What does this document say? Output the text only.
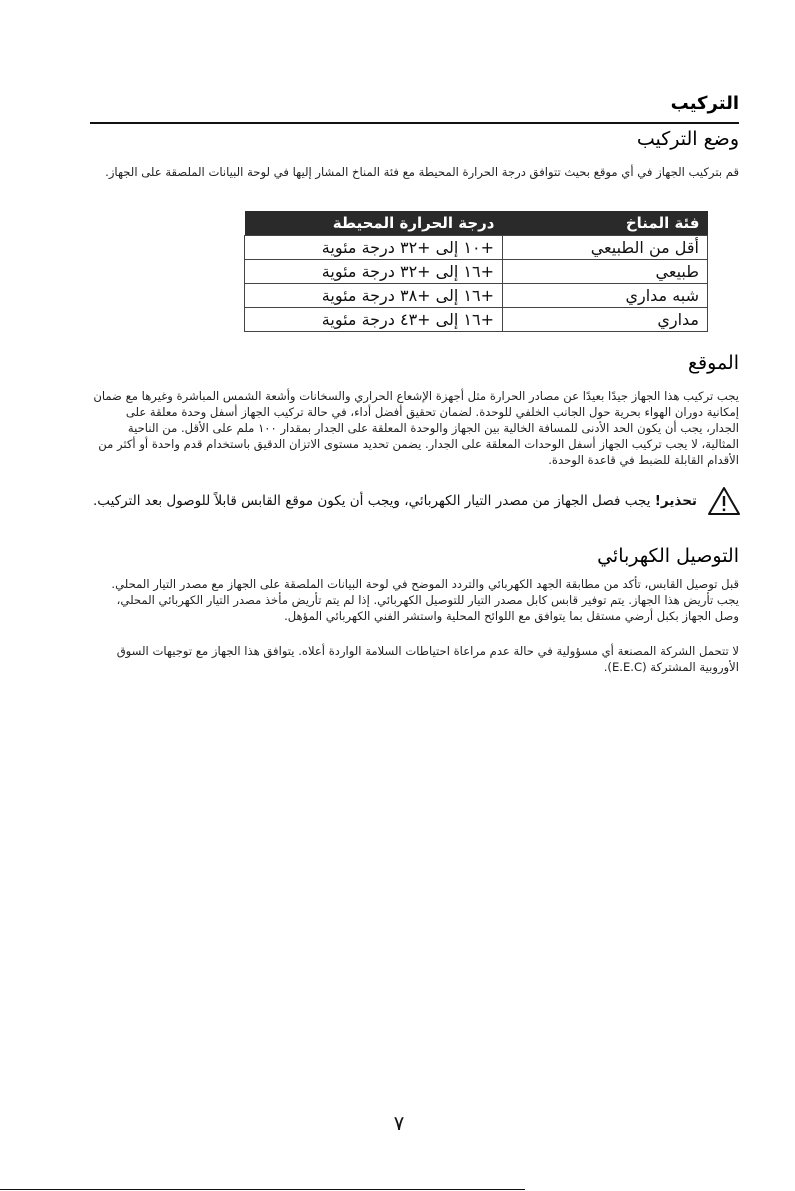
التركيب
وضع التركيب
قم بتركيب الجهاز في أي موقع بحيث تتوافق درجة الحرارة المحيطة مع فئة المناخ المشار إليها في لوحة البيانات الملصقة على الجهاز.
فئة المناخ	درجة الحرارة المحيطة
أقل من الطبيعي	+١٠ إلى +٣٢ درجة مئوية
طبيعي	+١٦ إلى +٣٢ درجة مئوية
شبه مداري	+١٦ إلى +٣٨ درجة مئوية
مداري	+١٦ إلى +٤٣ درجة مئوية
الموقع
يجب تركيب هذا الجهاز جيدًا بعيدًا عن مصادر الحرارة مثل أجهزة الإشعاع الحراري والسخانات وأشعة الشمس المباشرة وغيرها مع ضمان إمكانية دوران الهواء بحرية حول الجانب الخلفي للوحدة. لضمان تحقيق أفضل أداء، في حالة تركيب الجهاز أسفل وحدة معلقة على الجدار، يجب أن يكون الحد الأدنى للمسافة الخالية بين الجهاز والوحدة المعلقة على الجدار بمقدار ١٠٠ ملم على الأقل. من الناحية المثالية، لا يجب تركيب الجهاز أسفل الوحدات المعلقة على الجدار. يضمن تحديد مستوى الاتزان الدقيق باستخدام قدم واحدة أو أكثر من الأقدام القابلة للضبط في قاعدة الوحدة.
تحذير! يجب فصل الجهاز من مصدر التيار الكهربائي، ويجب أن يكون موقع القابس قابلاً للوصول بعد التركيب.
التوصيل الكهربائي
قبل توصيل القابس، تأكد من مطابقة الجهد الكهربائي والتردد الموضح في لوحة البيانات الملصقة على الجهاز مع مصدر التيار المحلي. يجب تأريض هذا الجهاز. يتم توفير قابس كابل مصدر التيار للتوصيل الكهربائي. إذا لم يتم تأريض مأخذ مصدر التيار الكهربائي المحلي، وصل الجهاز بكبل أرضي مستقل بما يتوافق مع اللوائح المحلية واستشر الفني الكهربائي المؤهل.
لا تتحمل الشركة المصنعة أي مسؤولية في حالة عدم مراعاة احتياطات السلامة الواردة أعلاه. يتوافق هذا الجهاز مع توجيهات السوق الأوروبية المشتركة (E.E.C).
٧
